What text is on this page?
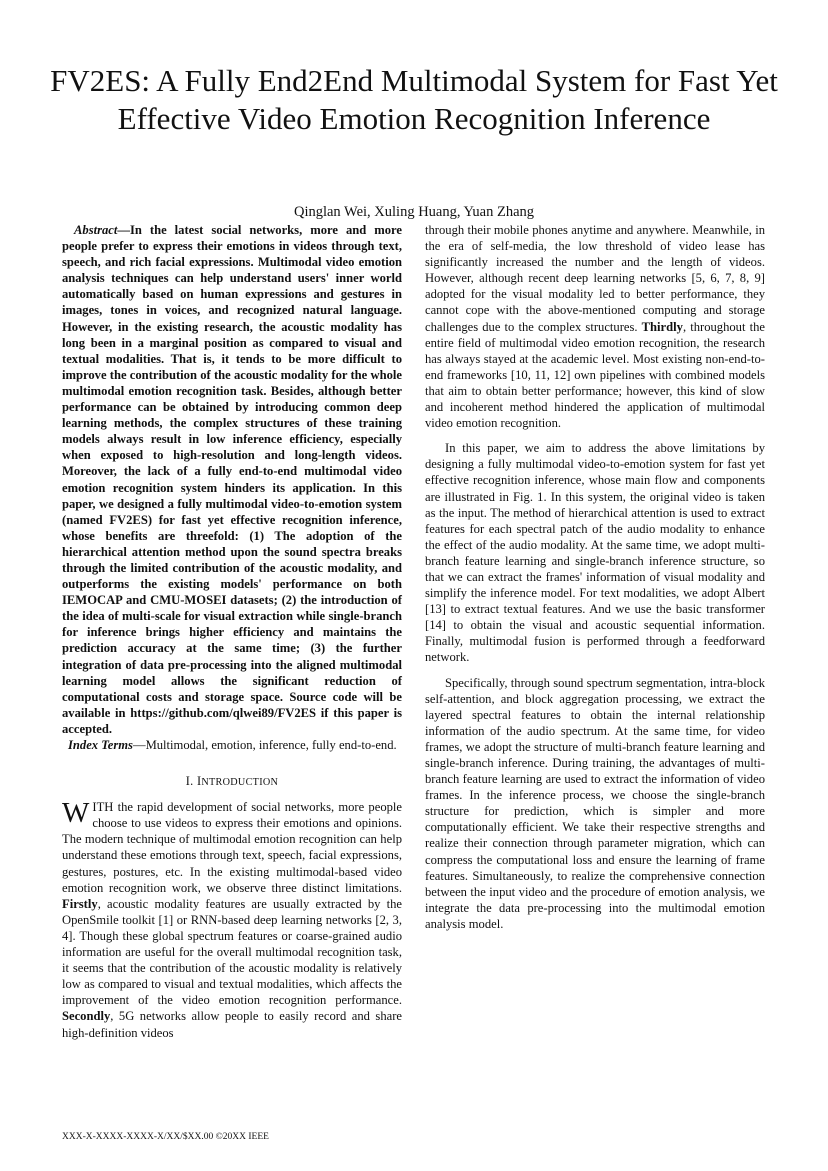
FV2ES: A Fully End2End Multimodal System for Fast Yet Effective Video Emotion Recognition Inference
Qinglan Wei, Xuling Huang, Yuan Zhang

Abstract—In the latest social networks, more and more people prefer to express their emotions in videos through text, speech, and rich facial expressions. Multimodal video emotion analysis techniques can help understand users' inner world automatically based on human expressions and gestures in images, tones in voices, and recognized natural language. However, in the existing research, the acoustic modality has long been in a marginal position as compared to visual and textual modalities. That is, it tends to be more difficult to improve the contribution of the acoustic modality for the whole multimodal emotion recognition task. Besides, although better performance can be obtained by introducing common deep learning methods, the complex structures of these training models always result in low inference efficiency, especially when exposed to high-resolution and long-length videos. Moreover, the lack of a fully end-to-end multimodal video emotion recognition system hinders its application. In this paper, we designed a fully multimodal video-to-emotion system (named FV2ES) for fast yet effective recognition inference, whose benefits are threefold: (1) The adoption of the hierarchical attention method upon the sound spectra breaks through the limited contribution of the acoustic modality, and outperforms the existing models' performance on both IEMOCAP and CMU-MOSEI datasets; (2) the introduction of the idea of multi-scale for visual extraction while single-branch for inference brings higher efficiency and maintains the prediction accuracy at the same time; (3) the further integration of data pre-processing into the aligned multimodal learning model allows the significant reduction of computational costs and storage space. Source code will be available in https://github.com/qlwei89/FV2ES if this paper is accepted.

Index Terms—Multimodal, emotion, inference, fully end-to-end.

I. INTRODUCTION

WITH the rapid development of social networks, more people choose to use videos to express their emotions and opinions. The modern technique of multimodal emotion recognition can help understand these emotions through text, speech, facial expressions, gestures, postures, etc. In the existing multimodal-based video emotion recognition work, we observe three distinct limitations. Firstly, acoustic modality features are usually extracted by the OpenSmile toolkit [1] or RNN-based deep learning networks [2, 3, 4]. Though these global spectrum features or coarse-grained audio information are useful for the overall multimodal recognition task, it seems that the contribution of the acoustic modality is relatively low as compared to visual and textual modalities, which affects the improvement of the video emotion recognition performance. Secondly, 5G networks allow people to easily record and share high-definition videos

through their mobile phones anytime and anywhere. Meanwhile, in the era of self-media, the low threshold of video lease has significantly increased the number and the length of videos. However, although recent deep learning networks [5, 6, 7, 8, 9] adopted for the visual modality led to better performance, they cannot cope with the above-mentioned computing and storage challenges due to the complex structures. Thirdly, throughout the entire field of multimodal video emotion recognition, the research has always stayed at the academic level. Most existing non-end-to-end frameworks [10, 11, 12] own pipelines with combined models that aim to obtain better performance; however, this kind of slow and incoherent method hindered the application of multimodal video emotion recognition.

In this paper, we aim to address the above limitations by designing a fully multimodal video-to-emotion system for fast yet effective recognition inference, whose main flow and components are illustrated in Fig. 1. In this system, the original video is taken as the input. The method of hierarchical attention is used to extract features for each spectral patch of the audio modality to enhance the effect of the audio modality. At the same time, we adopt multi-branch feature learning and single-branch inference structure, so that we can extract the frames' information of visual modality and simplify the inference model. For text modalities, we adopt Albert [13] to extract textual features. And we use the basic transformer [14] to obtain the visual and acoustic sequential information. Finally, multimodal fusion is performed through a feedforward network.

Specifically, through sound spectrum segmentation, intra-block self-attention, and block aggregation processing, we extract the layered spectral features to obtain the internal relationship information of the audio spectrum. At the same time, for video frames, we adopt the structure of multi-branch feature learning and single-branch inference. During training, the advantages of multi-branch feature learning are used to extract the information of video frames. In the inference process, we choose the single-branch structure for prediction, which is simpler and more computationally efficient. We take their respective strengths and realize their connection through parameter migration, which can compress the computational loss and ensure the learning of frame features. Simultaneously, to realize the comprehensive connection between the input video and the procedure of emotion analysis, we integrate the data pre-processing into the multimodal emotion analysis model.

XXX-X-XXXX-XXXX-X/XX/$XX.00 ©20XX IEEE
